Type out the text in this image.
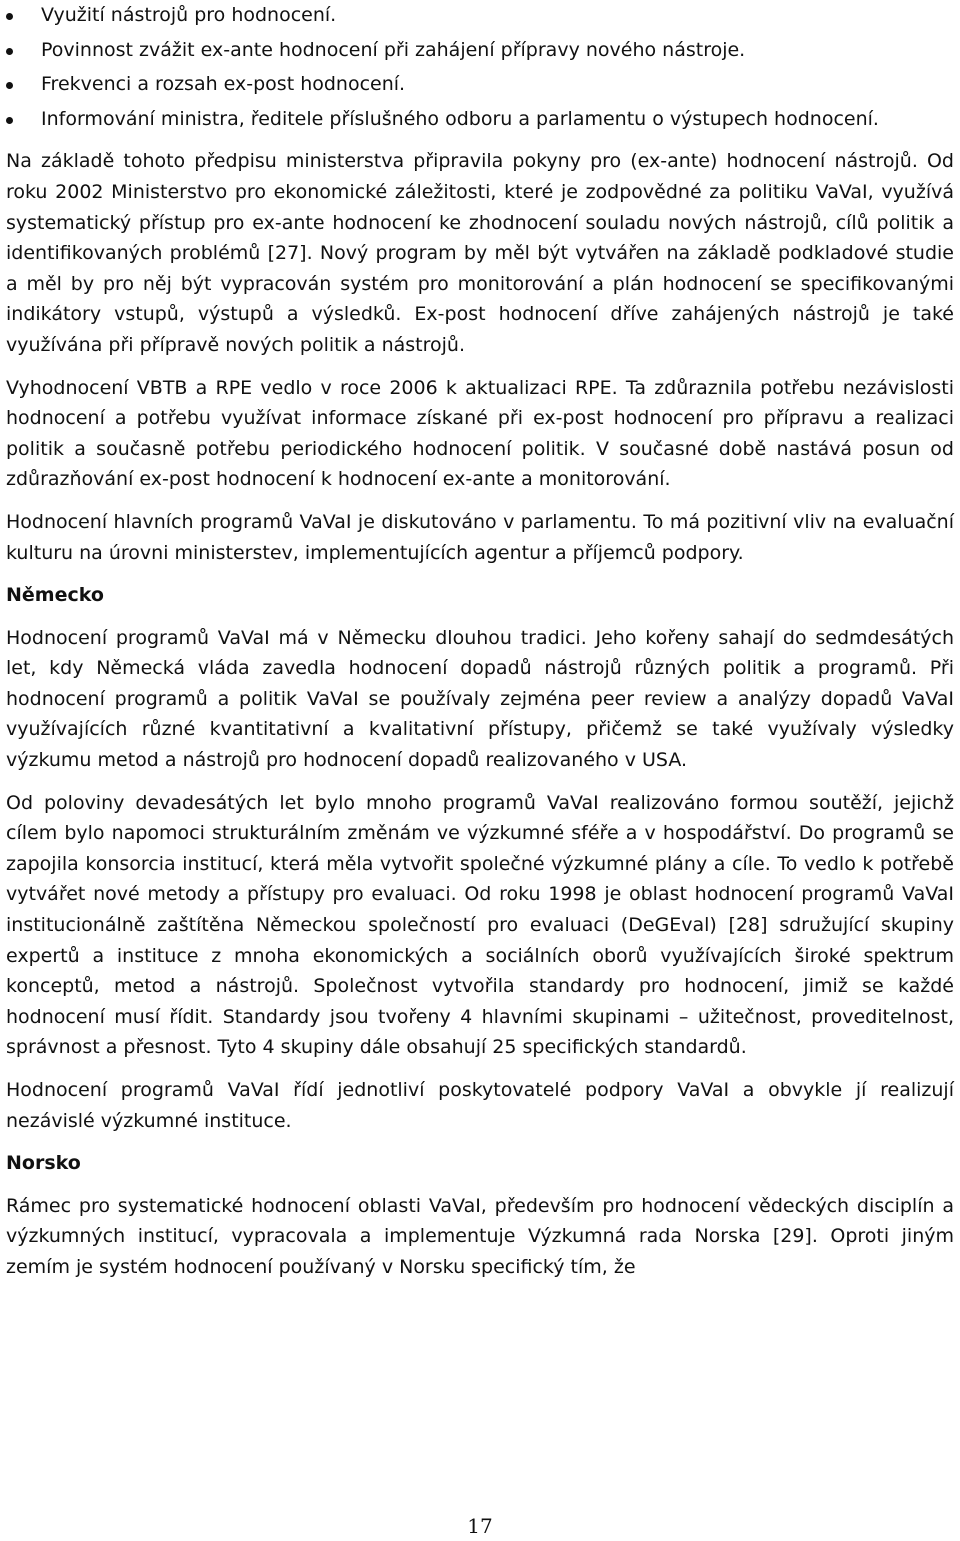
Využití nástrojů pro hodnocení.
Povinnost zvážit ex-ante hodnocení při zahájení přípravy nového nástroje.
Frekvenci a rozsah ex-post hodnocení.
Informování ministra, ředitele příslušného odboru a parlamentu o výstupech hodnocení.

Na základě tohoto předpisu ministerstva připravila pokyny pro (ex-ante) hodnocení nástrojů. Od roku 2002 Ministerstvo pro ekonomické záležitosti, které je zodpovědné za politiku VaVaI, využívá systematický přístup pro ex-ante hodnocení ke zhodnocení souladu nových nástrojů, cílů politik a identifikovaných problémů [27]. Nový program by měl být vytvářen na základě podkladové studie a měl by pro něj být vypracován systém pro monitorování a plán hodnocení se specifikovanými indikátory vstupů, výstupů a výsledků. Ex-post hodnocení dříve zahájených nástrojů je také využívána při přípravě nových politik a nástrojů.

Vyhodnocení VBTB a RPE vedlo v roce 2006 k aktualizaci RPE. Ta zdůraznila potřebu nezávislosti hodnocení a potřebu využívat informace získané při ex-post hodnocení pro přípravu a realizaci politik a současně potřebu periodického hodnocení politik. V současné době nastává posun od zdůrazňování ex-post hodnocení k hodnocení ex-ante a monitorování.

Hodnocení hlavních programů VaVaI je diskutováno v parlamentu. To má pozitivní vliv na evaluační kulturu na úrovni ministerstev, implementujících agentur a příjemců podpory.

Německo

Hodnocení programů VaVaI má v Německu dlouhou tradici. Jeho kořeny sahají do sedmdesátých let, kdy Německá vláda zavedla hodnocení dopadů nástrojů různých politik a programů. Při hodnocení programů a politik VaVaI se používaly zejména peer review a analýzy dopadů VaVaI využívajících různé kvantitativní a kvalitativní přístupy, přičemž se také využívaly výsledky výzkumu metod a nástrojů pro hodnocení dopadů realizovaného v USA.

Od poloviny devadesátých let bylo mnoho programů VaVaI realizováno formou soutěží, jejichž cílem bylo napomoci strukturálním změnám ve výzkumné sféře a v hospodářství. Do programů se zapojila konsorcia institucí, která měla vytvořit společné výzkumné plány a cíle. To vedlo k potřebě vytvářet nové metody a přístupy pro evaluaci. Od roku 1998 je oblast hodnocení programů VaVaI institucionálně zaštítěna Německou společností pro evaluaci (DeGEval) [28] sdružující skupiny expertů a instituce z mnoha ekonomických a sociálních oborů využívajících široké spektrum konceptů, metod a nástrojů. Společnost vytvořila standardy pro hodnocení, jimiž se každé hodnocení musí řídit. Standardy jsou tvořeny 4 hlavními skupinami – užitečnost, proveditelnost, správnost a přesnost. Tyto 4 skupiny dále obsahují 25 specifických standardů.

Hodnocení programů VaVaI řídí jednotliví poskytovatelé podpory VaVaI a obvykle jí realizují nezávislé výzkumné instituce.

Norsko

Rámec pro systematické hodnocení oblasti VaVaI, především pro hodnocení vědeckých disciplín a výzkumných institucí, vypracovala a implementuje Výzkumná rada Norska [29]. Oproti jiným zemím je systém hodnocení používaný v Norsku specifický tím, že

17
